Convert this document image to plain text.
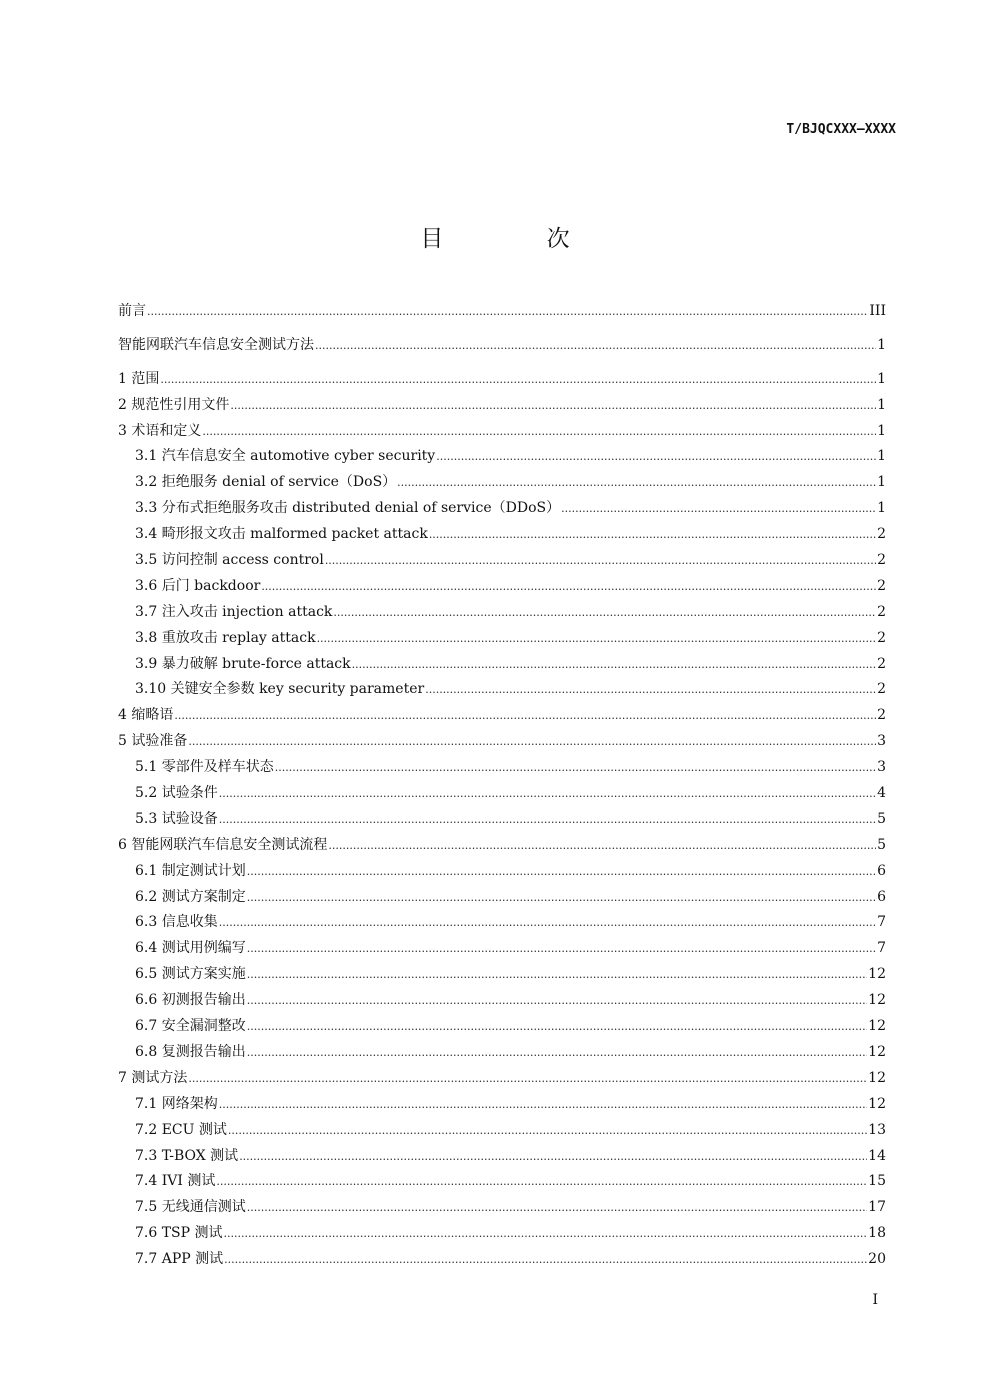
T/BJQCXXX—XXXX
目 次
前言 .....	III
智能网联汽车信息安全测试方法 .....	1
1 范围 .....	1
2 规范性引用文件 .....	1
3 术语和定义 .....	1
3.1 汽车信息安全 automotive cyber security .....	1
3.2 拒绝服务 denial of service（DoS） .....	1
3.3 分布式拒绝服务攻击 distributed denial of service（DDoS） .....	1
3.4 畸形报文攻击 malformed packet attack .....	2
3.5 访问控制 access control .....	2
3.6 后门 backdoor .....	2
3.7 注入攻击 injection attack .....	2
3.8 重放攻击 replay attack .....	2
3.9 暴力破解 brute-force attack .....	2
3.10 关键安全参数 key security parameter .....	2
4 缩略语 .....	2
5 试验准备 .....	3
5.1 零部件及样车状态 .....	3
5.2 试验条件 .....	4
5.3 试验设备 .....	5
6 智能网联汽车信息安全测试流程 .....	5
6.1 制定测试计划 .....	6
6.2 测试方案制定 .....	6
6.3 信息收集 .....	7
6.4 测试用例编写 .....	7
6.5 测试方案实施 .....	12
6.6 初测报告输出 .....	12
6.7 安全漏洞整改 .....	12
6.8 复测报告输出 .....	12
7 测试方法 .....	12
7.1 网络架构 .....	12
7.2 ECU 测试 .....	13
7.3 T-BOX 测试 .....	14
7.4 IVI 测试 .....	15
7.5 无线通信测试 .....	17
7.6 TSP 测试 .....	18
7.7 APP 测试 .....	20
I
